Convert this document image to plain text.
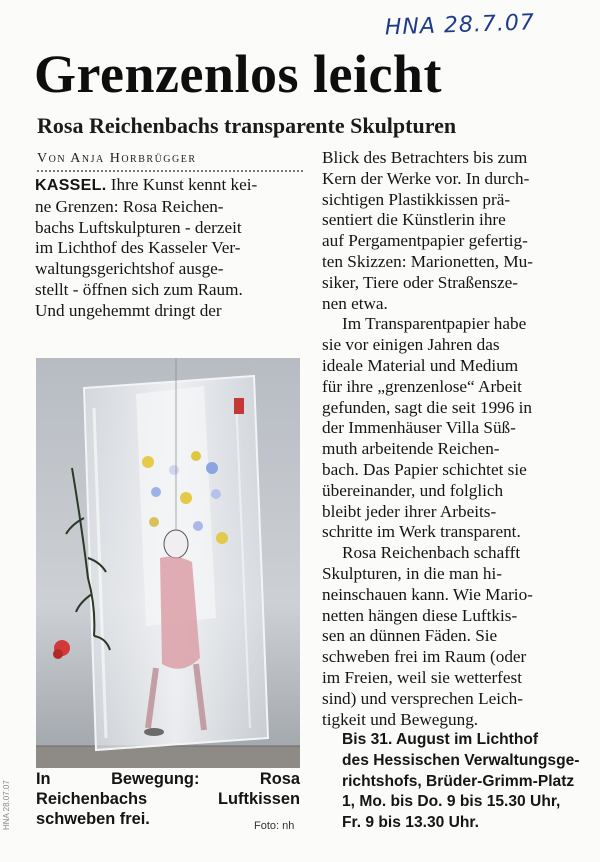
HNA 28.7.07
Grenzenlos leicht
Rosa Reichenbachs transparente Skulpturen
Von Anja Horbrügger

KASSEL. Ihre Kunst kennt kei-
ne Grenzen: Rosa Reichen-
bachs Luftskulpturen - derzeit
im Lichthof des Kasseler Ver-
waltungsgerichtshof ausge-
stellt - öffnen sich zum Raum.
Und ungehemmt dringt der

In Bewegung: Rosa Reichenbachs Luftkissen schweben frei.	Foto: nh

Blick des Betrachters bis zum
Kern der Werke vor. In durch-
sichtigen Plastikkissen prä-
sentiert die Künstlerin ihre
auf Pergamentpapier gefertig-
ten Skizzen: Marionetten, Mu-
siker, Tiere oder Straßensze-
nen etwa.

Im Transparentpapier habe
sie vor einigen Jahren das
ideale Material und Medium
für ihre „grenzenlose“ Arbeit
gefunden, sagt die seit 1996 in
der Immenhäuser Villa Süß-
muth arbeitende Reichen-
bach. Das Papier schichtet sie
übereinander, und folglich
bleibt jeder ihrer Arbeits-
schritte im Werk transparent.

Rosa Reichenbach schafft
Skulpturen, in die man hi-
neinschauen kann. Wie Mario-
netten hängen diese Luftkis-
sen an dünnen Fäden. Sie
schweben frei im Raum (oder
im Freien, weil sie wetterfest
sind) und versprechen Leich-
tigkeit und Bewegung.

Bis 31. August im Lichthof
des Hessischen Verwaltungsge-
richtshofs, Brüder-Grimm-Platz
1, Mo. bis Do. 9 bis 15.30 Uhr,
Fr. 9 bis 13.30 Uhr.

HNA 28.07.07
